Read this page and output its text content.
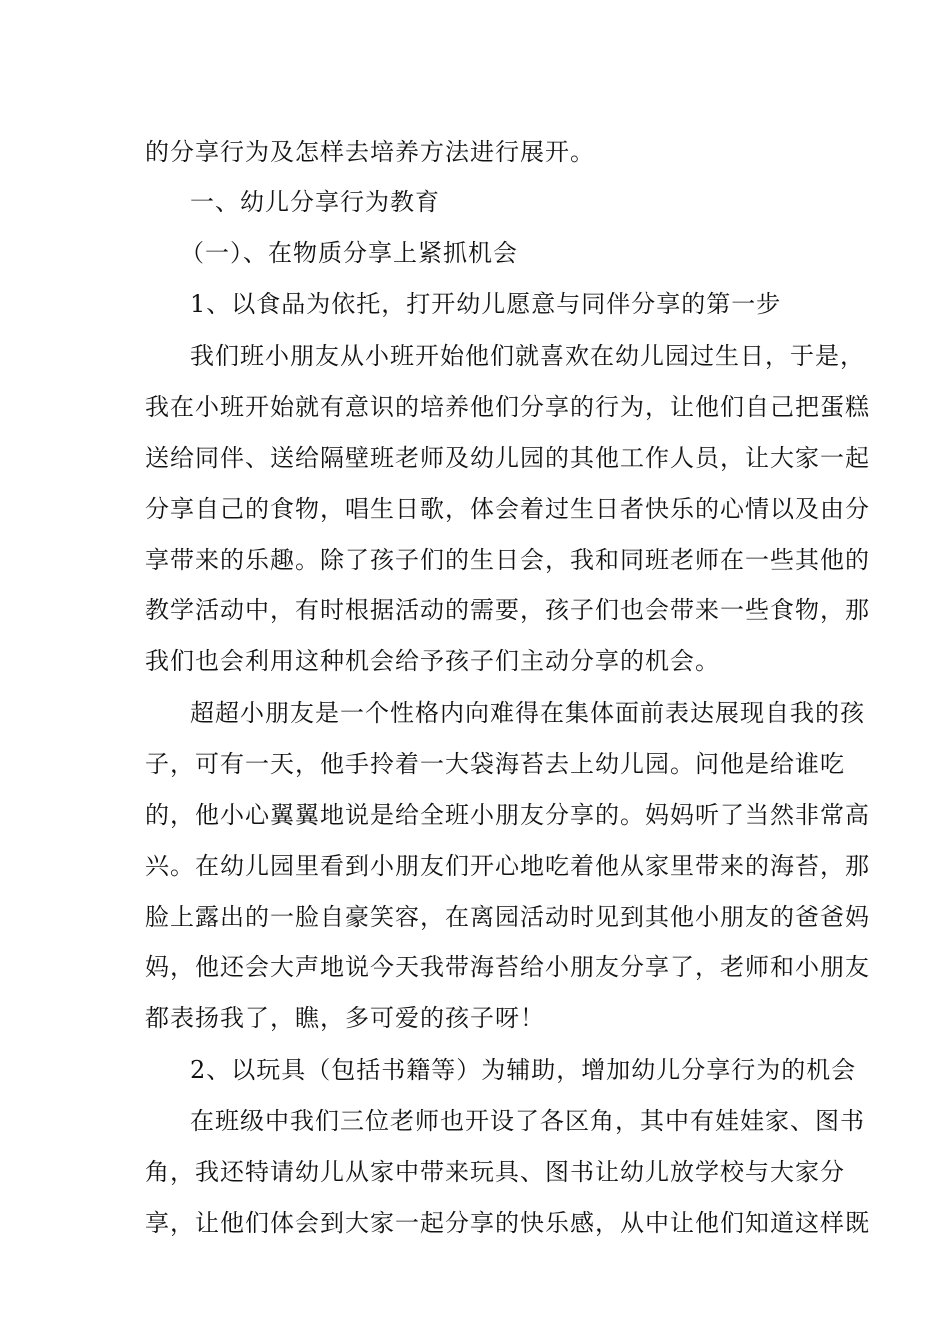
的分享行为及怎样去培养方法进行展开。
一、幼儿分享行为教育
（一）、在物质分享上紧抓机会
1、以食品为依托，打开幼儿愿意与同伴分享的第一步
我们班小朋友从小班开始他们就喜欢在幼儿园过生日，于是，
我在小班开始就有意识的培养他们分享的行为，让他们自己把蛋糕
送给同伴、送给隔壁班老师及幼儿园的其他工作人员，让大家一起
分享自己的食物，唱生日歌，体会着过生日者快乐的心情以及由分
享带来的乐趣。除了孩子们的生日会，我和同班老师在一些其他的
教学活动中，有时根据活动的需要，孩子们也会带来一些食物，那
我们也会利用这种机会给予孩子们主动分享的机会。
超超小朋友是一个性格内向难得在集体面前表达展现自我的孩
子，可有一天，他手拎着一大袋海苔去上幼儿园。问他是给谁吃
的，他小心翼翼地说是给全班小朋友分享的。妈妈听了当然非常高
兴。在幼儿园里看到小朋友们开心地吃着他从家里带来的海苔，那
脸上露出的一脸自豪笑容，在离园活动时见到其他小朋友的爸爸妈
妈，他还会大声地说今天我带海苔给小朋友分享了，老师和小朋友
都表扬我了，瞧，多可爱的孩子呀！
2、以玩具（包括书籍等）为辅助，增加幼儿分享行为的机会
在班级中我们三位老师也开设了各区角，其中有娃娃家、图书
角，我还特请幼儿从家中带来玩具、图书让幼儿放学校与大家分
享，让他们体会到大家一起分享的快乐感，从中让他们知道这样既
